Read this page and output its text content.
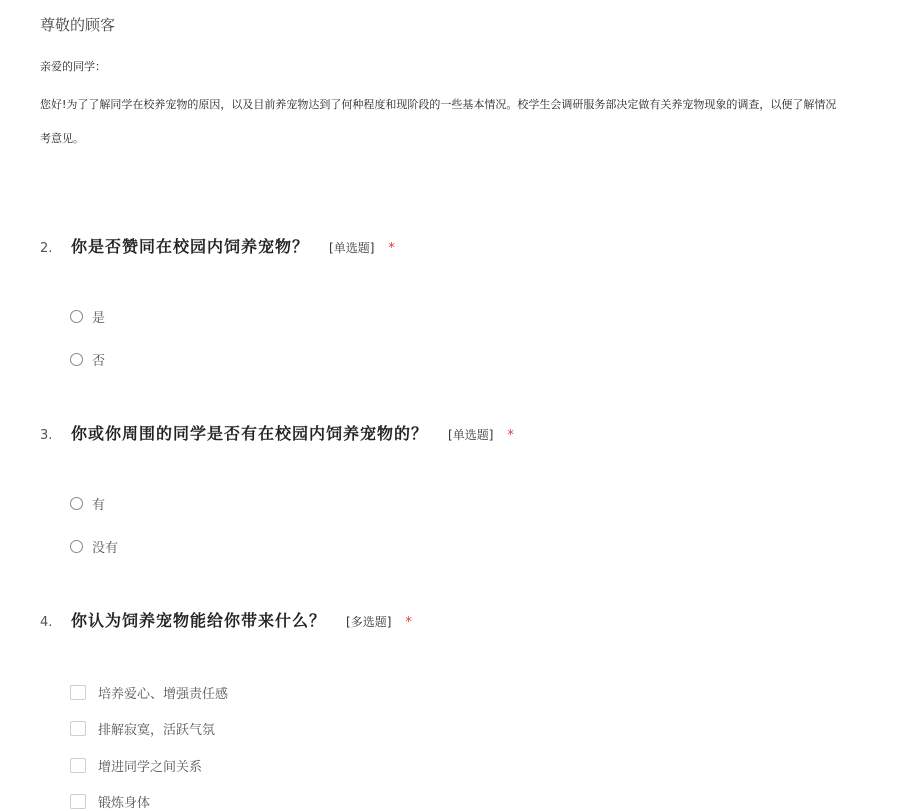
尊敬的顾客
亲爱的同学：
您好!为了了解同学在校养宠物的原因，以及目前养宠物达到了何种程度和现阶段的一些基本情况。校学生会调研服务部决定做有关养宠物现象的调查，以便了解情况
考意见。
2.	你是否赞同在校园内饲养宠物？ [单选题] *
是
否
3.	你或你周围的同学是否有在校园内饲养宠物的？ [单选题] *
有
没有
4.	你认为饲养宠物能给你带来什么？ [多选题] *
培养爱心、增强责任感
排解寂寞，活跃气氛
增进同学之间关系
锻炼身体
